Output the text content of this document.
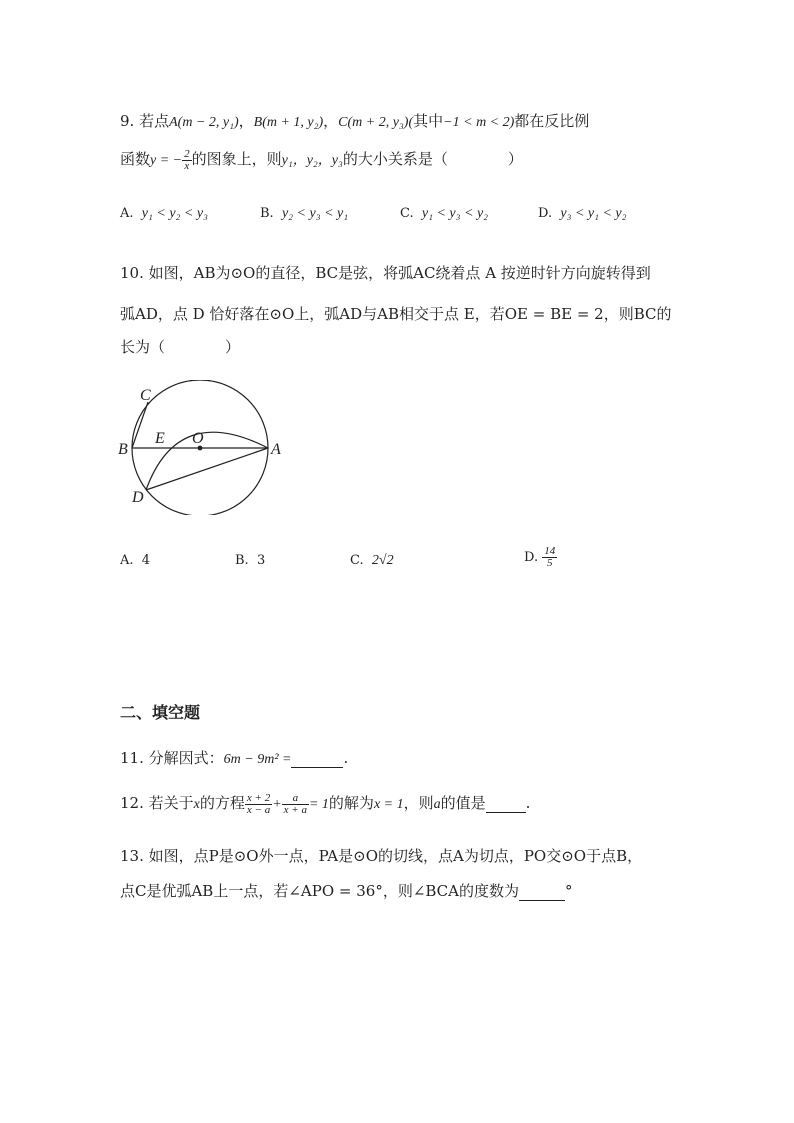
9. 若点A(m − 2, y₁)，B(m + 1, y₂)，C(m + 2, y₃)(其中−1 < m < 2)都在反比例
函数y = − $\frac{2}{x}$ 的图象上，则y₁，y₂，y₃的大小关系是（　　　　）
A. y₁ < y₂ < y₃	B. y₂ < y₃ < y₁	C. y₁ < y₃ < y₂	D. y₃ < y₁ < y₂
10. 如图，AB为⊙O的直径，BC是弦，将弧AC绕着点 A 按逆时针方向旋转得到
弧AD，点 D 恰好落在⊙O上，弧AD与AB相交于点 E，若OE = BE = 2，则BC的
长为（　　　　）
C
B
E O
A
D
A. 4	B. 3	C. 2√2	D. $\frac{14}{5}$
二、填空题
11. 分解因式：6m − 9m² =	.
12. 若关于x的方程 $\frac{x + 2}{x - a} + \frac{a}{x + a} = 1$的解为x = 1，则a的值是	.
13. 如图，点P是⊙O外一点，PA是⊙O的切线，点A为切点，PO交⊙O于点B，
点C是优弧AB上一点，若∠APO = 36°，则∠BCA的度数为	°
